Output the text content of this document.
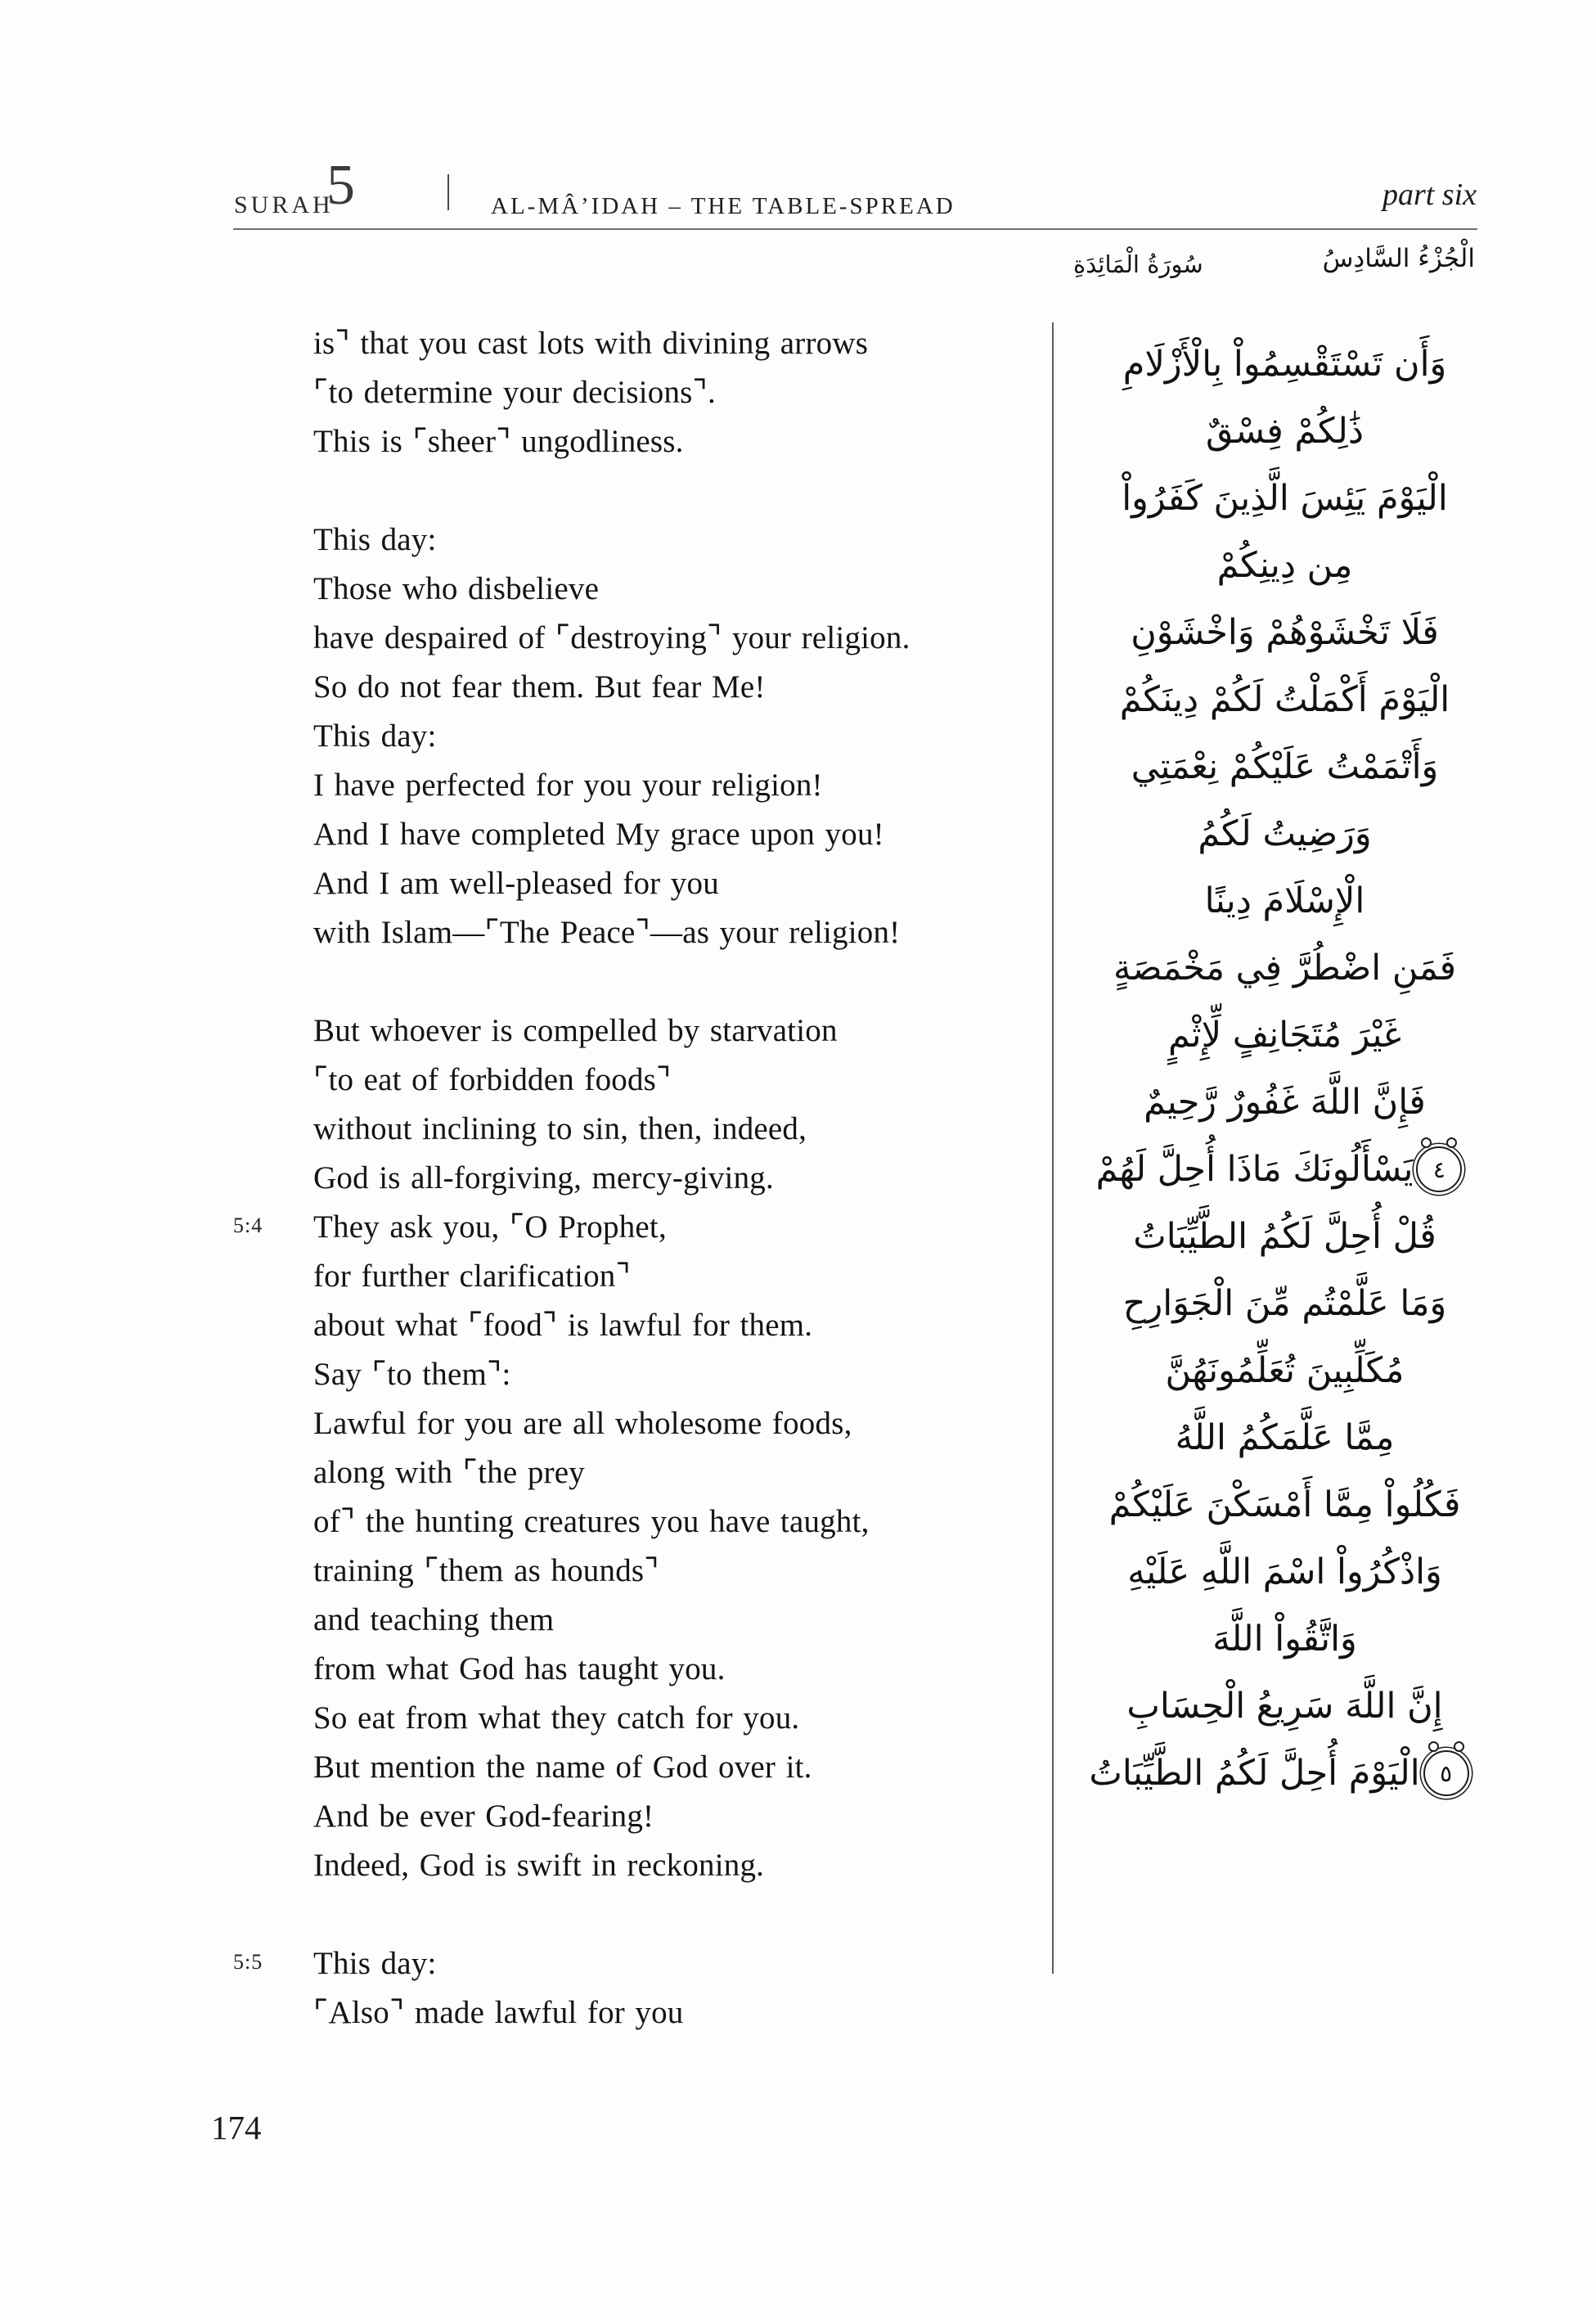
SURAH
5	AL-MÂ’IDAH – THE TABLE-SPREAD	part six
سُورَةُ الْمَائِدَةِ	الْجُزْءُ السَّادِسُ
is⌝ that you cast lots with divining arrows
⌜to determine your decisions⌝.
This is ⌜sheer⌝ ungodliness.
This day:
Those who disbelieve
have despaired of ⌜destroying⌝ your religion.
So do not fear them. But fear Me!
This day:
I have perfected for you your religion!
And I have completed My grace upon you!
And I am well-pleased for you
with Islam—⌜The Peace⌝—as your religion!
But whoever is compelled by starvation
⌜to eat of forbidden foods⌝
without inclining to sin, then, indeed,
God is all-forgiving, mercy-giving.
5:4 They ask you, ⌜O Prophet,
for further clarification⌝
about what ⌜food⌝ is lawful for them.
Say ⌜to them⌝:
Lawful for you are all wholesome foods,
along with ⌜the prey
of⌝ the hunting creatures you have taught,
training ⌜them as hounds⌝
and teaching them
from what God has taught you.
So eat from what they catch for you.
But mention the name of God over it.
And be ever God-fearing!
Indeed, God is swift in reckoning.
5:5 This day:
⌜Also⌝ made lawful for you
وَأَن تَسْتَقْسِمُواْ بِالْأَزْلَامِ
ذَٰلِكُمْ فِسْقٌ
الْيَوْمَ يَئِسَ الَّذِينَ كَفَرُواْ
مِن دِينِكُمْ
فَلَا تَخْشَوْهُمْ وَاخْشَوْنِ
الْيَوْمَ أَكْمَلْتُ لَكُمْ دِينَكُمْ
وَأَتْمَمْتُ عَلَيْكُمْ نِعْمَتِي
وَرَضِيتُ لَكُمُ
الْإِسْلَامَ دِينًا
فَمَنِ اضْطُرَّ فِي مَخْمَصَةٍ
غَيْرَ مُتَجَانِفٍ لِّإِثْمٍ
فَإِنَّ اللَّهَ غَفُورٌ رَّحِيمٌ
٤
يَسْأَلُونَكَ مَاذَا أُحِلَّ لَهُمْ
قُلْ أُحِلَّ لَكُمُ الطَّيِّبَاتُ
وَمَا عَلَّمْتُم مِّنَ الْجَوَارِحِ
مُكَلِّبِينَ تُعَلِّمُونَهُنَّ
مِمَّا عَلَّمَكُمُ اللَّهُ
فَكُلُواْ مِمَّا أَمْسَكْنَ عَلَيْكُمْ
وَاذْكُرُواْ اسْمَ اللَّهِ عَلَيْهِ
وَاتَّقُواْ اللَّهَ
إِنَّ اللَّهَ سَرِيعُ الْحِسَابِ
٥
الْيَوْمَ أُحِلَّ لَكُمُ الطَّيِّبَاتُ
174
